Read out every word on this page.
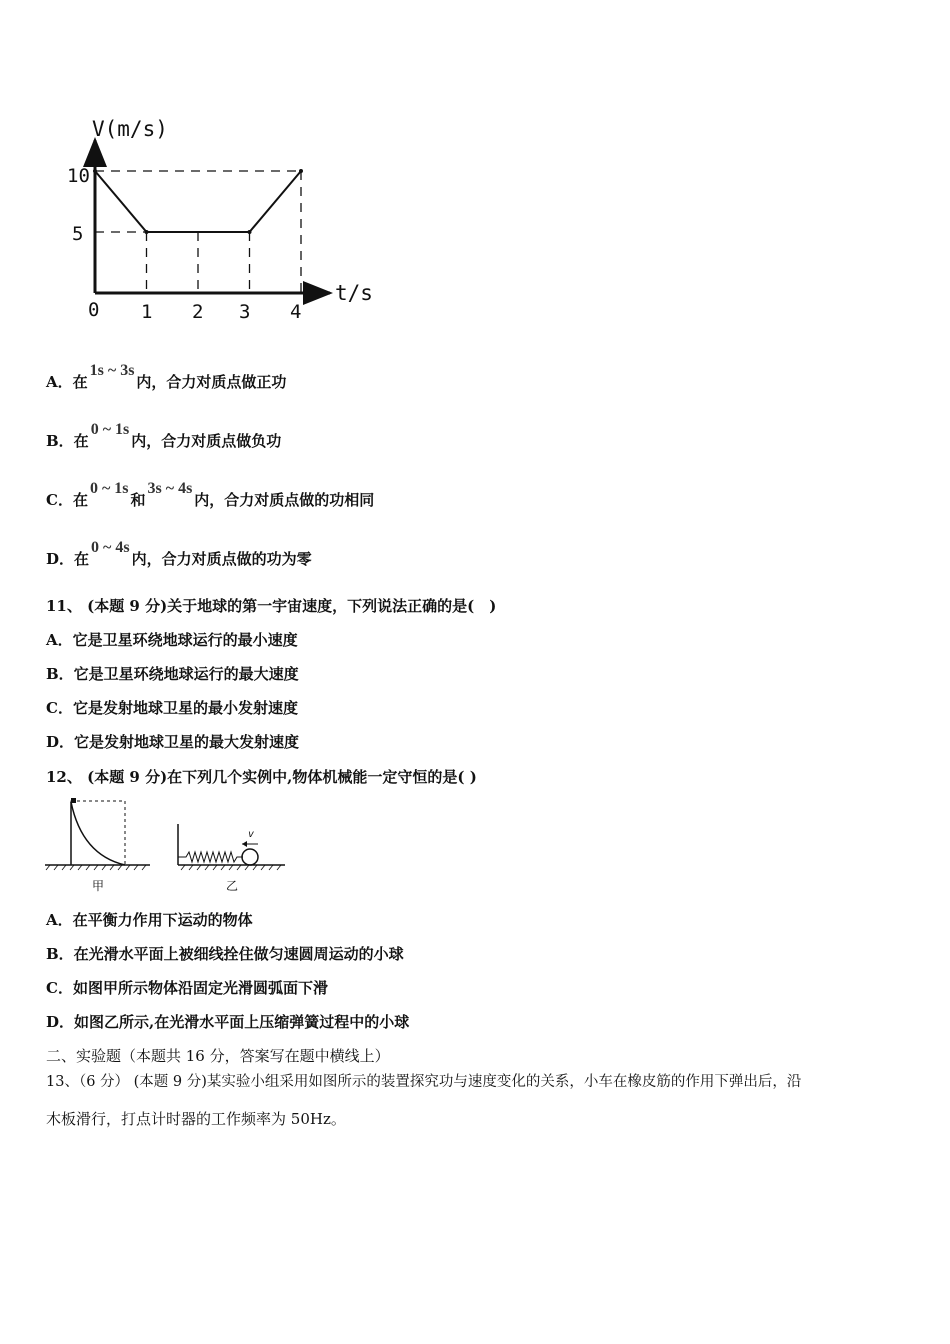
V(m/s)
t/s
0
10
5
1 2 3 4
A．在1s ~ 3s内，合力对质点做正功
B．在0 ~ 1s内，合力对质点做负功
C．在0 ~ 1s和3s ~ 4s内，合力对质点做的功相同
D．在0 ~ 4s内，合力对质点做的功为零
11、 (本题 9 分)关于地球的第一宇宙速度，下列说法正确的是(　)
A．它是卫星环绕地球运行的最小速度
B．它是卫星环绕地球运行的最大速度
C．它是发射地球卫星的最小发射速度
D．它是发射地球卫星的最大发射速度
12、 (本题 9 分)在下列几个实例中,物体机械能一定守恒的是( )
甲
v
乙
A．在平衡力作用下运动的物体
B．在光滑水平面上被细线拴住做匀速圆周运动的小球
C．如图甲所示物体沿固定光滑圆弧面下滑
D．如图乙所示,在光滑水平面上压缩弹簧过程中的小球
二、实验题（本题共 16 分，答案写在题中横线上）
13、（6 分） (本题 9 分)某实验小组采用如图所示的装置探究功与速度变化的关系，小车在橡皮筋的作用下弹出后，沿
木板滑行，打点计时器的工作频率为 50Hz。
